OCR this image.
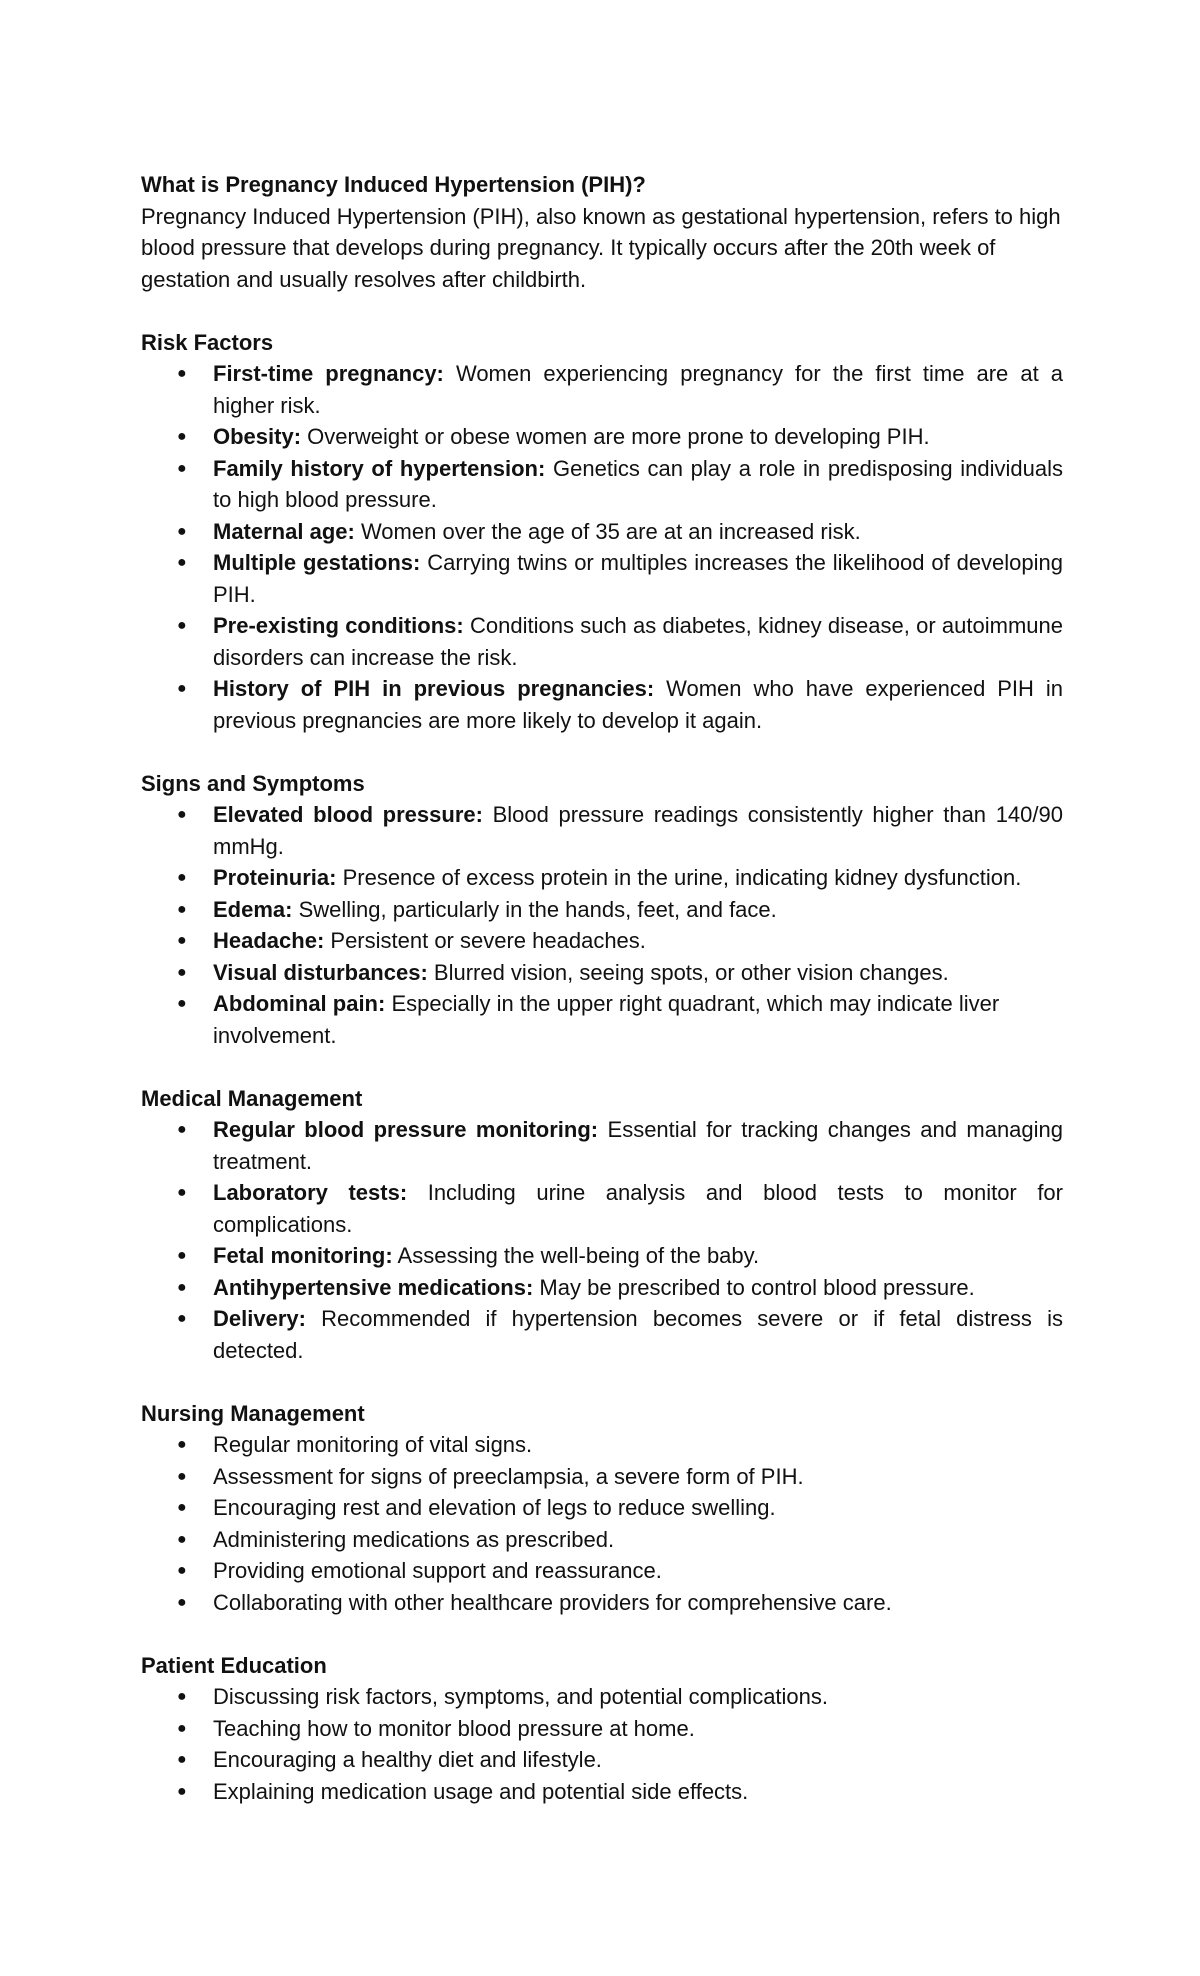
What is Pregnancy Induced Hypertension (PIH)?

Pregnancy Induced Hypertension (PIH), also known as gestational hypertension, refers to high blood pressure that develops during pregnancy. It typically occurs after the 20th week of gestation and usually resolves after childbirth.

Risk Factors

● First-time pregnancy: Women experiencing pregnancy for the first time are at a higher risk.
● Obesity: Overweight or obese women are more prone to developing PIH.
● Family history of hypertension: Genetics can play a role in predisposing individuals to high blood pressure.
● Maternal age: Women over the age of 35 are at an increased risk.
● Multiple gestations: Carrying twins or multiples increases the likelihood of developing PIH.
● Pre-existing conditions: Conditions such as diabetes, kidney disease, or autoimmune disorders can increase the risk.
● History of PIH in previous pregnancies: Women who have experienced PIH in previous pregnancies are more likely to develop it again.

Signs and Symptoms

● Elevated blood pressure: Blood pressure readings consistently higher than 140/90 mmHg.
● Proteinuria: Presence of excess protein in the urine, indicating kidney dysfunction.
● Edema: Swelling, particularly in the hands, feet, and face.
● Headache: Persistent or severe headaches.
● Visual disturbances: Blurred vision, seeing spots, or other vision changes.
● Abdominal pain: Especially in the upper right quadrant, which may indicate liver involvement.

Medical Management

● Regular blood pressure monitoring: Essential for tracking changes and managing treatment.
● Laboratory tests: Including urine analysis and blood tests to monitor for complications.
● Fetal monitoring: Assessing the well-being of the baby.
● Antihypertensive medications: May be prescribed to control blood pressure.
● Delivery: Recommended if hypertension becomes severe or if fetal distress is detected.

Nursing Management

● Regular monitoring of vital signs.
● Assessment for signs of preeclampsia, a severe form of PIH.
● Encouraging rest and elevation of legs to reduce swelling.
● Administering medications as prescribed.
● Providing emotional support and reassurance.
● Collaborating with other healthcare providers for comprehensive care.

Patient Education

● Discussing risk factors, symptoms, and potential complications.
● Teaching how to monitor blood pressure at home.
● Encouraging a healthy diet and lifestyle.
● Explaining medication usage and potential side effects.
